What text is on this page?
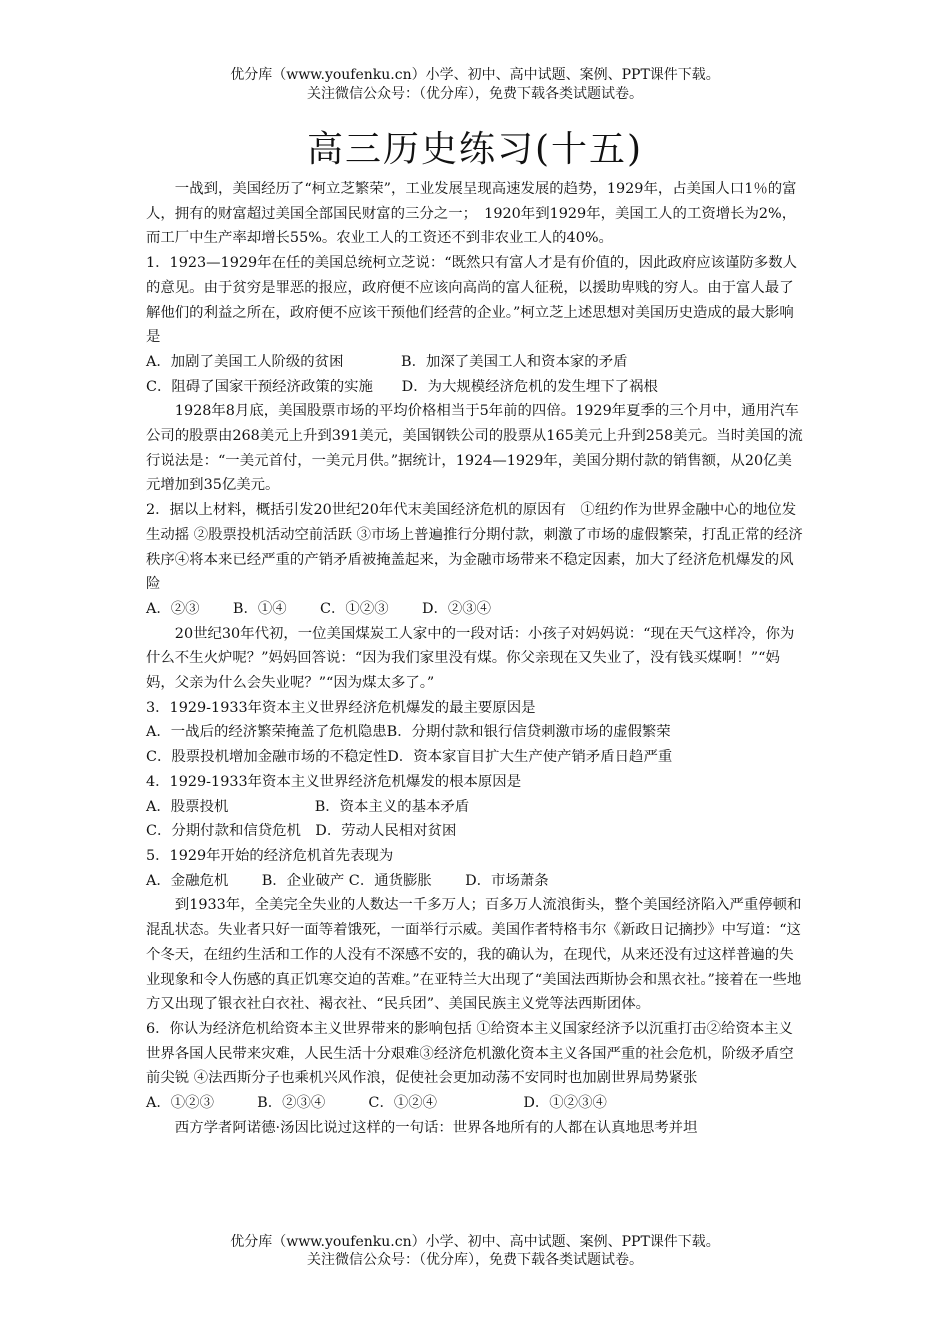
优分库（www.youfenku.cn）小学、初中、高中试题、案例、PPT课件下载。
关注微信公众号：（优分库），免费下载各类试题试卷。
高三历史练习(十五)

一战到，美国经历了“柯立芝繁荣”，工业发展呈现高速发展的趋势，1929年，占美国人口1％的富人，拥有的财富超过美国全部国民财富的三分之一；　1920年到1929年，美国工人的工资增长为2%，而工厂中生产率却增长55%。农业工人的工资还不到非农业工人的40%。

1．1923—1929年在任的美国总统柯立芝说：“既然只有富人才是有价值的，因此政府应该谨防多数人的意见。由于贫穷是罪恶的报应，政府便不应该向高尚的富人征税，以援助卑贱的穷人。由于富人最了解他们的利益之所在，政府便不应该干预他们经营的企业。”柯立芝上述思想对美国历史造成的最大影响是

A．加剧了美国工人阶级的贫困　　　　B．加深了美国工人和资本家的矛盾

C．阻碍了国家干预经济政策的实施　　D．为大规模经济危机的发生埋下了祸根

1928年8月底，美国股票市场的平均价格相当于5年前的四倍。1929年夏季的三个月中，通用汽车公司的股票由268美元上升到391美元，美国钢铁公司的股票从165美元上升到258美元。当时美国的流行说法是：“一美元首付，一美元月供。”据统计，1924—1929年，美国分期付款的销售额，从20亿美元增加到35亿美元。

2．据以上材料，概括引发20世纪20年代末美国经济危机的原因有　①纽约作为世界金融中心的地位发生动摇 ②股票投机活动空前活跃 ③市场上普遍推行分期付款，刺激了市场的虚假繁荣，打乱正常的经济秩序④将本来已经严重的产销矛盾被掩盖起来，为金融市场带来不稳定因素，加大了经济危机爆发的风险

A．②③　　 B．①④　　 C．①②③　　 D．②③④

20世纪30年代初，一位美国煤炭工人家中的一段对话：小孩子对妈妈说：“现在天气这样冷，你为什么不生火炉呢？”妈妈回答说：“因为我们家里没有煤。你父亲现在又失业了，没有钱买煤啊！”“妈妈，父亲为什么会失业呢？”“因为煤太多了。”

3．1929-1933年资本主义世界经济危机爆发的最主要原因是

A．一战后的经济繁荣掩盖了危机隐患B．分期付款和银行信贷刺激市场的虚假繁荣

C．股票投机增加金融市场的不稳定性D．资本家盲目扩大生产使产销矛盾日趋严重

4．1929-1933年资本主义世界经济危机爆发的根本原因是

A．股票投机　　　　　　B．资本主义的基本矛盾

C．分期付款和信贷危机　D．劳动人民相对贫困

5．1929年开始的经济危机首先表现为

A．金融危机　　 B．企业破产 C．通货膨胀　　 D．市场萧条

到1933年，全美完全失业的人数达一千多万人；百多万人流浪街头，整个美国经济陷入严重停顿和混乱状态。失业者只好一面等着饿死，一面举行示威。美国作者特格韦尔《新政日记摘抄》中写道：“这个冬天，在纽约生活和工作的人没有不深感不安的，我的确认为，在现代，从来还没有过这样普遍的失业现象和令人伤感的真正饥寒交迫的苦难。”在亚特兰大出现了“美国法西斯协会和黑衣社。”接着在一些地方又出现了银衣社白衣社、褐衣社、“民兵团”、美国民族主义党等法西斯团体。

6．你认为经济危机给资本主义世界带来的影响包括 ①给资本主义国家经济予以沉重打击②给资本主义世界各国人民带来灾难，人民生活十分艰难③经济危机激化资本主义各国严重的社会危机，阶级矛盾空前尖锐 ④法西斯分子也乘机兴风作浪，促使社会更加动荡不安同时也加剧世界局势紧张

A．①②③　　　B．②③④　　　C．①②④　　　　　　D．①②③④

西方学者阿诺德·汤因比说过这样的一句话：世界各地所有的人都在认真地思考并坦

优分库（www.youfenku.cn）小学、初中、高中试题、案例、PPT课件下载。
关注微信公众号：（优分库），免费下载各类试题试卷。
